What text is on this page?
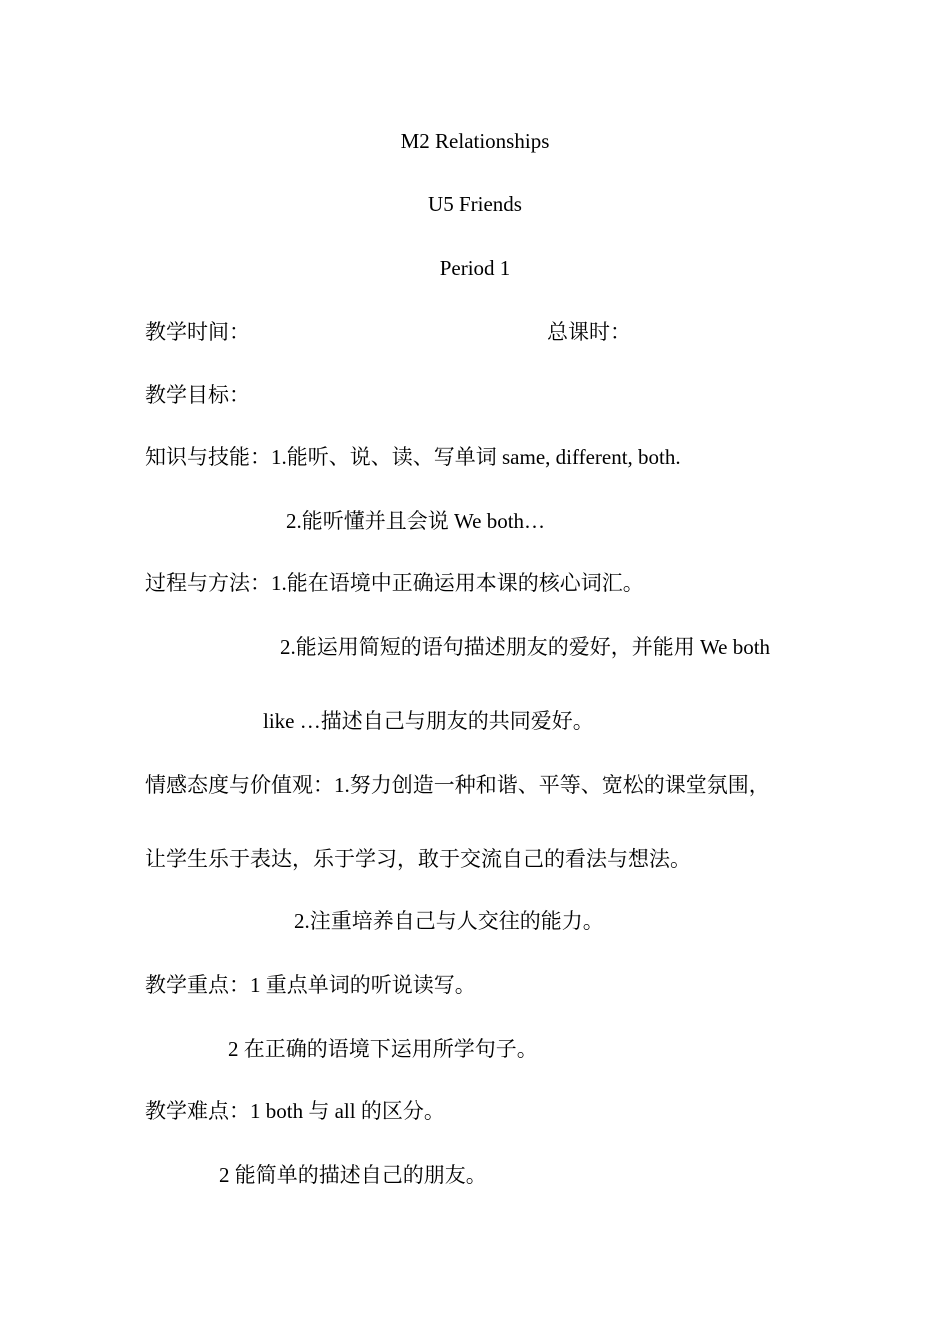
M2 Relationships
U5 Friends
Period 1
教学时间：	总课时：
教学目标：
知识与技能：1.能听、说、读、写单词 same, different, both.
2.能听懂并且会说 We both…
过程与方法：1.能在语境中正确运用本课的核心词汇。
2.能运用简短的语句描述朋友的爱好，并能用 We both
like …描述自己与朋友的共同爱好。
情感态度与价值观：1.努力创造一种和谐、平等、宽松的课堂氛围，
让学生乐于表达，乐于学习，敢于交流自己的看法与想法。
2.注重培养自己与人交往的能力。
教学重点：1 重点单词的听说读写。
2 在正确的语境下运用所学句子。
教学难点：1 both 与 all 的区分。
2 能简单的描述自己的朋友。
